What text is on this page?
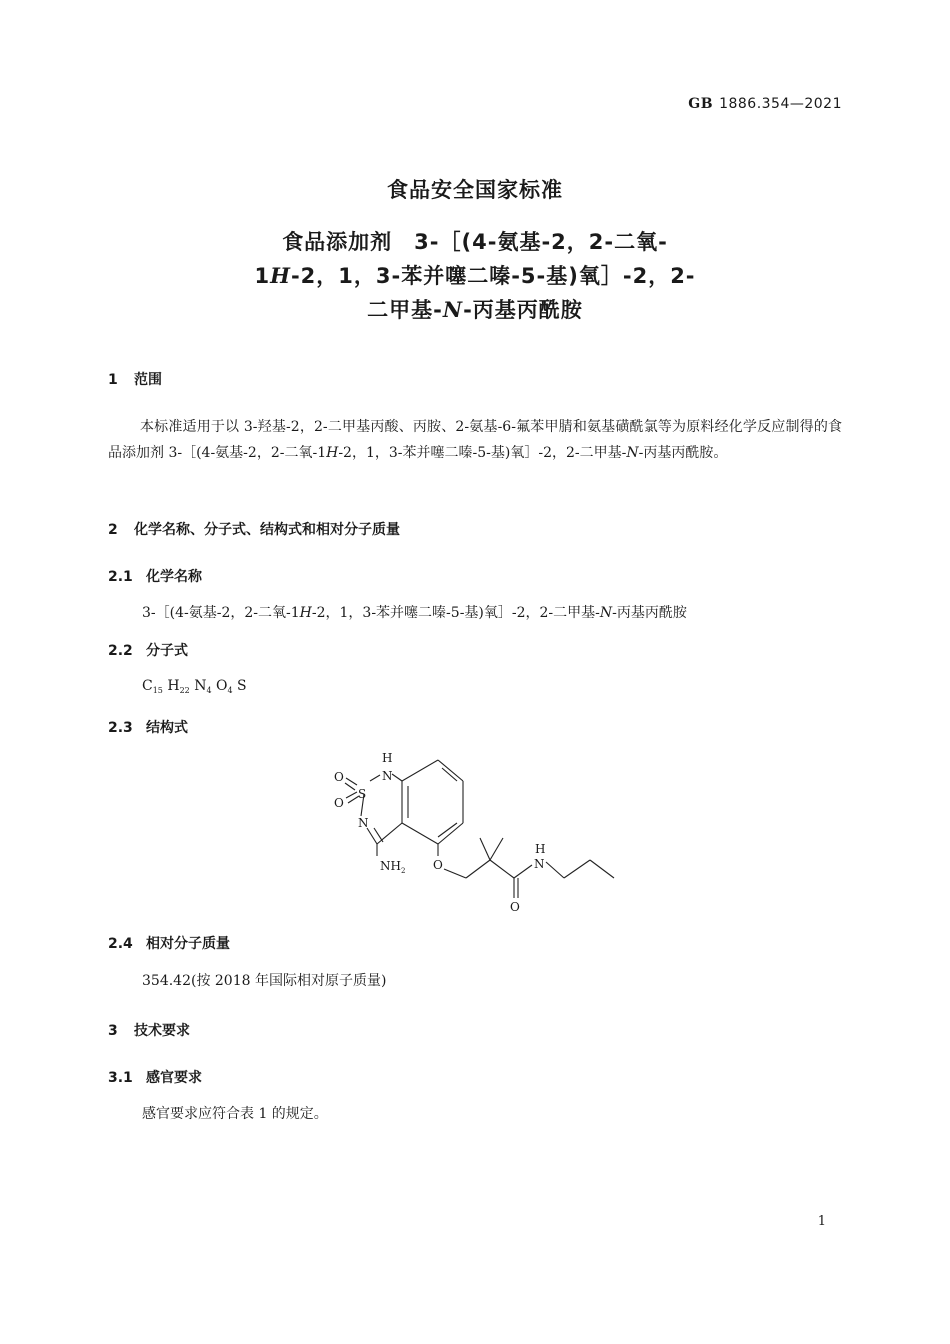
GB 1886.354—2021
食品安全国家标准
食品添加剂　3-［(4-氨基-2，2-二氧-
1H-2，1，3-苯并噻二嗪-5-基)氧］-2，2-
二甲基-N-丙基丙酰胺
1 范围
本标准适用于以 3-羟基-2，2-二甲基丙酸、丙胺、2-氨基-6-氟苯甲腈和氨基磺酰氯等为原料经化学反应制得的食品添加剂 3-［(4-氨基-2，2-二氧-1H-2，1，3-苯并噻二嗪-5-基)氧］-2，2-二甲基-N-丙基丙酰胺。
2 化学名称、分子式、结构式和相对分子质量
2.1 化学名称
3-［(4-氨基-2，2-二氧-1H-2，1，3-苯并噻二嗪-5-基)氧］-2，2-二甲基-N-丙基丙酰胺
2.2 分子式
$C_{15}$ $H_{22}$ $N_4$ $O_4$ S
2.3 结构式
H
N
S
O
O
N
$NH_2$ O
H
N
O
2.4 相对分子质量
354.42(按 2018 年国际相对原子质量)
3 技术要求
3.1 感官要求
感官要求应符合表 1 的规定。
1
